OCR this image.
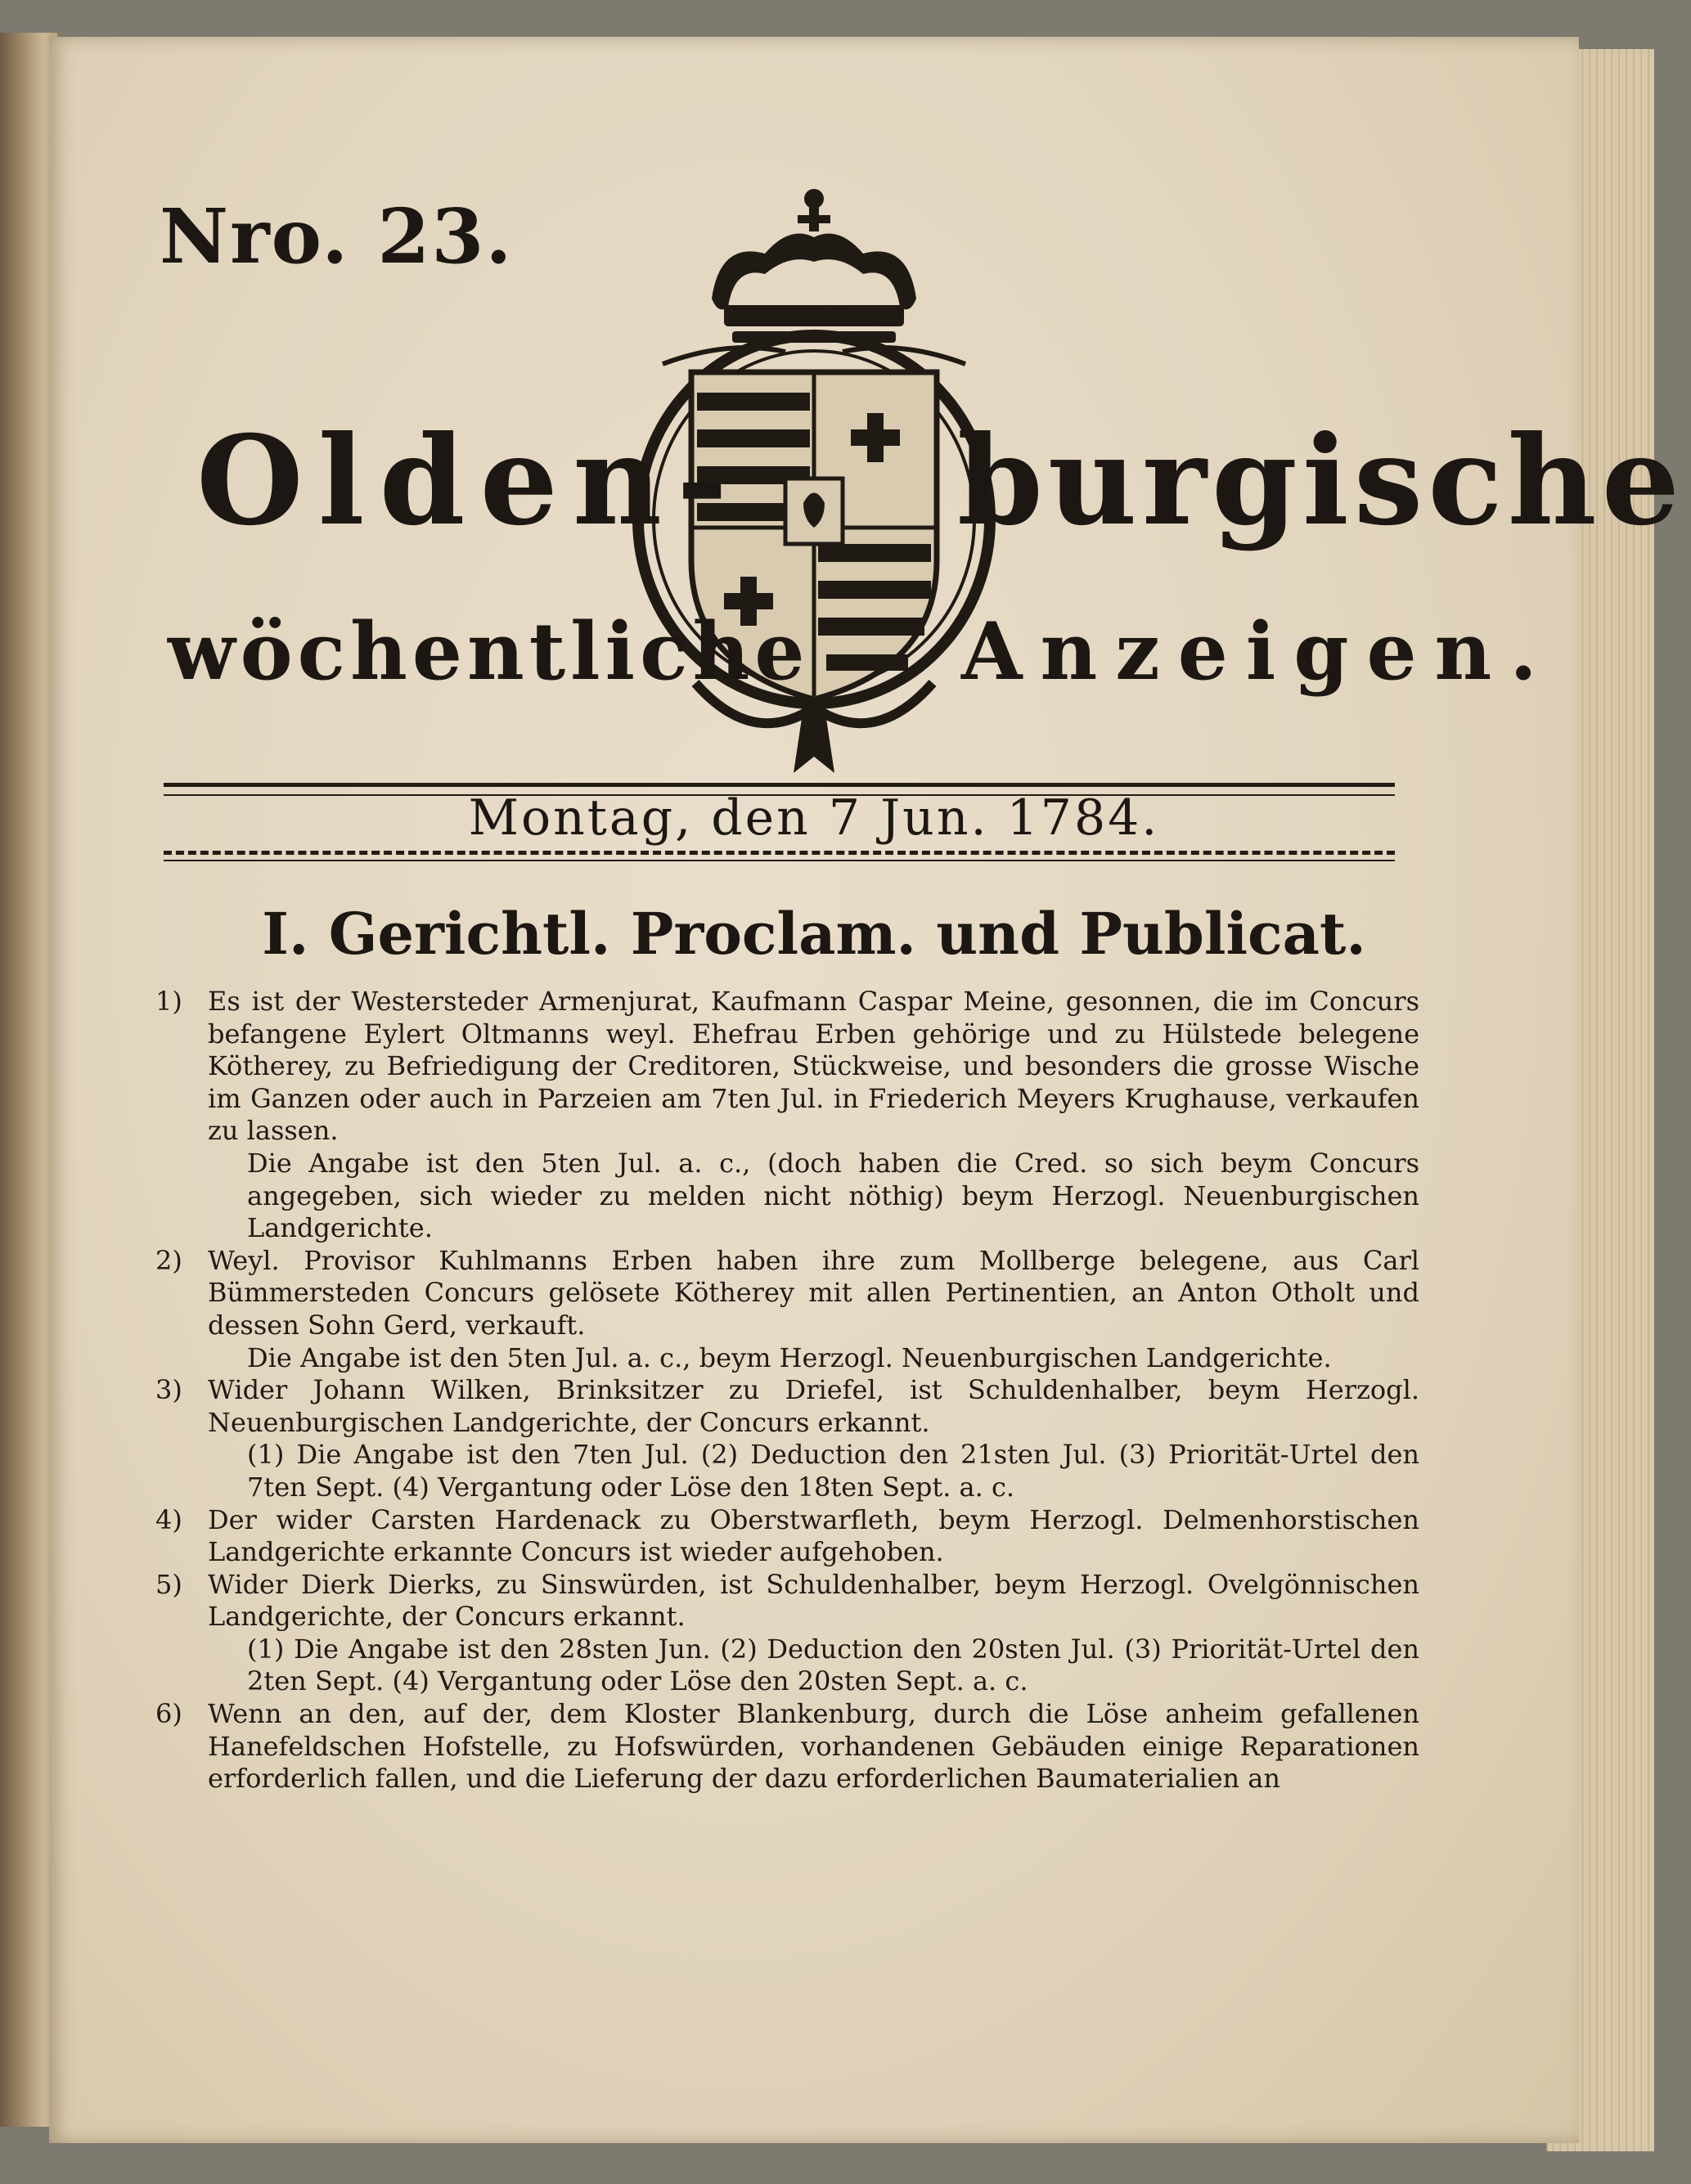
Nro. 23.
Olden- burgische
wöchentliche Anzeigen.
Montag, den 7 Jun. 1784.
I. Gerichtl. Proclam. und Publicat.
1) Es ist der Westersteder Armenjurat, Kaufmann Caspar Meine, gesonnen, die im Concurs befangene Eylert Oltmanns weyl. Ehefrau Erben gehörige und zu Hülstede belegene Kötherey, zu Befriedigung der Creditoren, Stückweise, und besonders die grosse Wische im Ganzen oder auch in Parzeien am 7ten Jul. in Friederich Meyers Krughause, verkaufen zu lassen.

Die Angabe ist den 5ten Jul. a. c., (doch haben die Cred. so sich beym Concurs angegeben, sich wieder zu melden nicht nöthig) beym Herzogl. Neuenburgischen Landgerichte.

2) Weyl. Provisor Kuhlmanns Erben haben ihre zum Mollberge belegene, aus Carl Bümmersteden Concurs gelösete Kötherey mit allen Pertinentien, an Anton Otholt und dessen Sohn Gerd, verkauft.

Die Angabe ist den 5ten Jul. a. c., beym Herzogl. Neuenburgischen Landgerichte.

3) Wider Johann Wilken, Brinksitzer zu Driefel, ist Schuldenhalber, beym Herzogl. Neuenburgischen Landgerichte, der Concurs erkannt.

(1) Die Angabe ist den 7ten Jul. (2) Deduction den 21sten Jul. (3) Priorität-Urtel den 7ten Sept. (4) Vergantung oder Löse den 18ten Sept. a. c.

4) Der wider Carsten Hardenack zu Oberstwarfleth, beym Herzogl. Delmenhorstischen Landgerichte erkannte Concurs ist wieder aufgehoben.

5) Wider Dierk Dierks, zu Sinswürden, ist Schuldenhalber, beym Herzogl. Ovelgönnischen Landgerichte, der Concurs erkannt.

(1) Die Angabe ist den 28sten Jun. (2) Deduction den 20sten Jul. (3) Priorität-Urtel den 2ten Sept. (4) Vergantung oder Löse den 20sten Sept. a. c.

6) Wenn an den, auf der, dem Kloster Blankenburg, durch die Löse anheim gefallenen Hanefeldschen Hofstelle, zu Hofswürden, vorhandenen Gebäuden einige Reparationen erforderlich fallen, und die Lieferung der dazu erforderlichen Baumaterialien an
